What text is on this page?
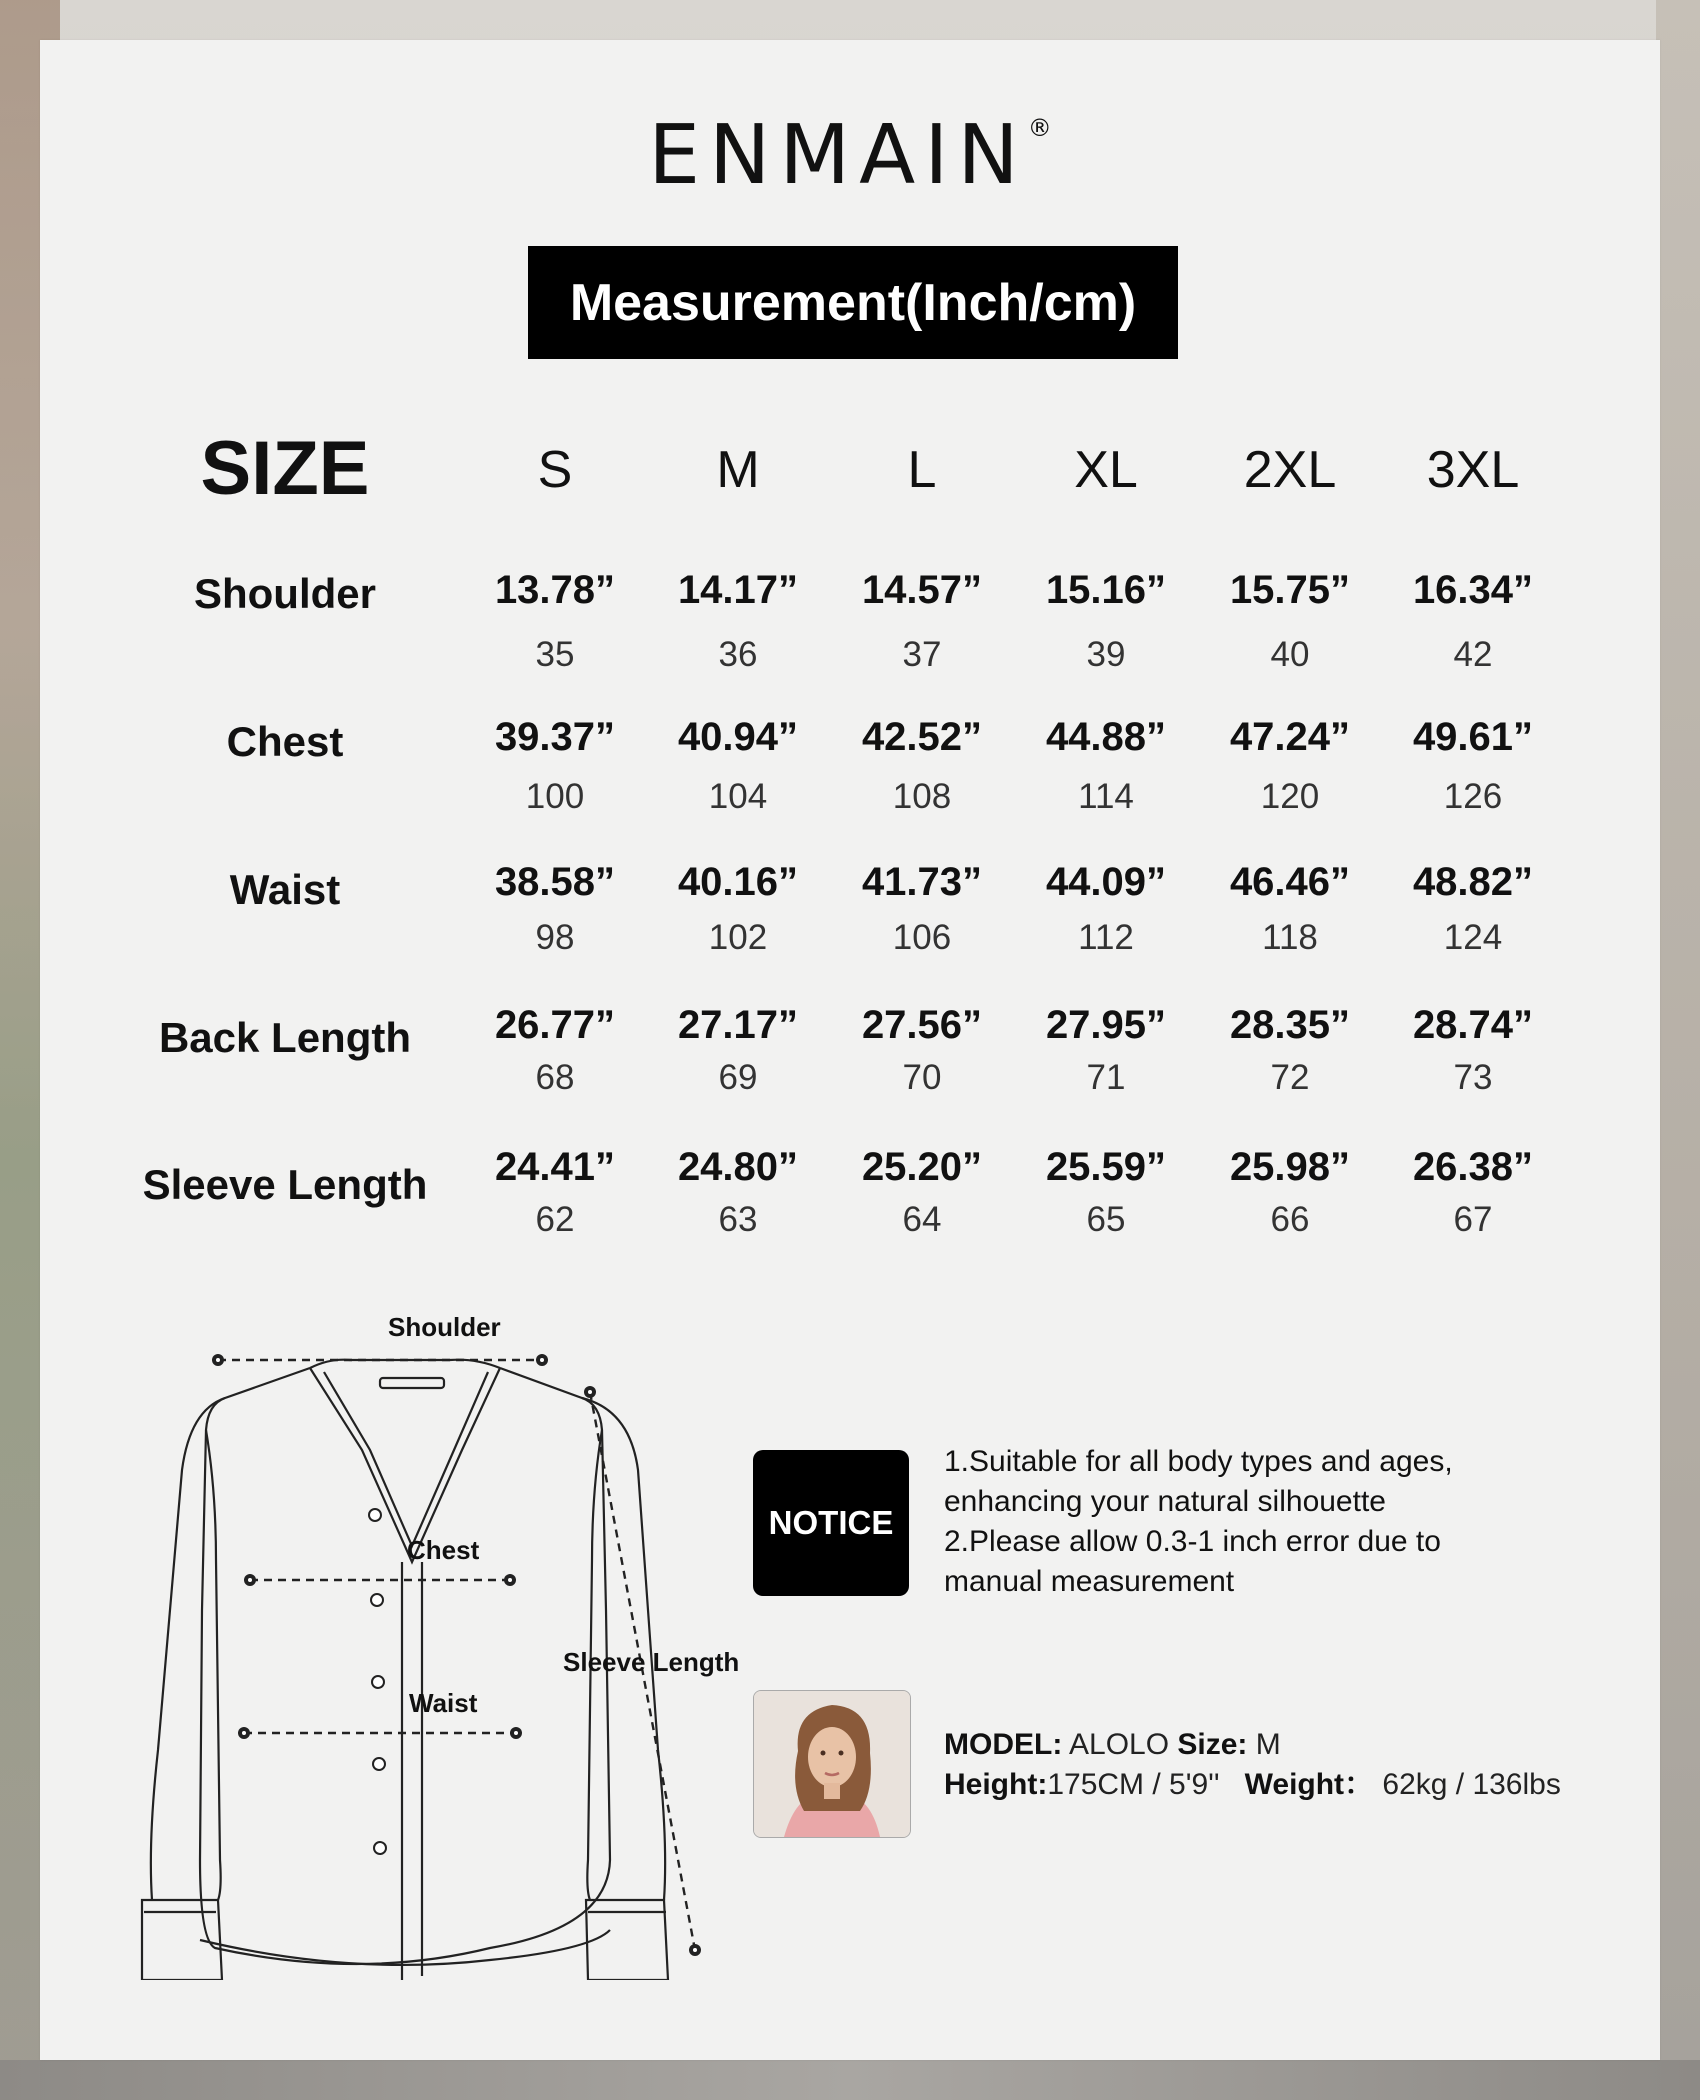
ENMAIN®
Measurement(Inch/cm)
SIZE	S	M	L	XL	2XL	3XL
Shoulder	13.78”	14.17”	14.57”	15.16”	15.75”	16.34”
35	36	37	39	40	42
Chest	39.37”	40.94”	42.52”	44.88”	47.24”	49.61”
100	104	108	114	120	126
Waist	38.58”	40.16”	41.73”	44.09”	46.46”	48.82”
98	102	106	112	118	124
Back Length	26.77”	27.17”	27.56”	27.95”	28.35”	28.74”
68	69	70	71	72	73
Sleeve Length	24.41”	24.80”	25.20”	25.59”	25.98”	26.38”
62	63	64	65	66	67
Shoulder
Chest
Waist
Sleeve Length
NOTICE
1.Suitable for all body types and ages,
enhancing your natural silhouette
2.Please allow 0.3-1 inch error due to
manual measurement
MODEL: ALOLO Size: M
Height:175CM / 5'9'' Weight： 62kg / 136lbs
